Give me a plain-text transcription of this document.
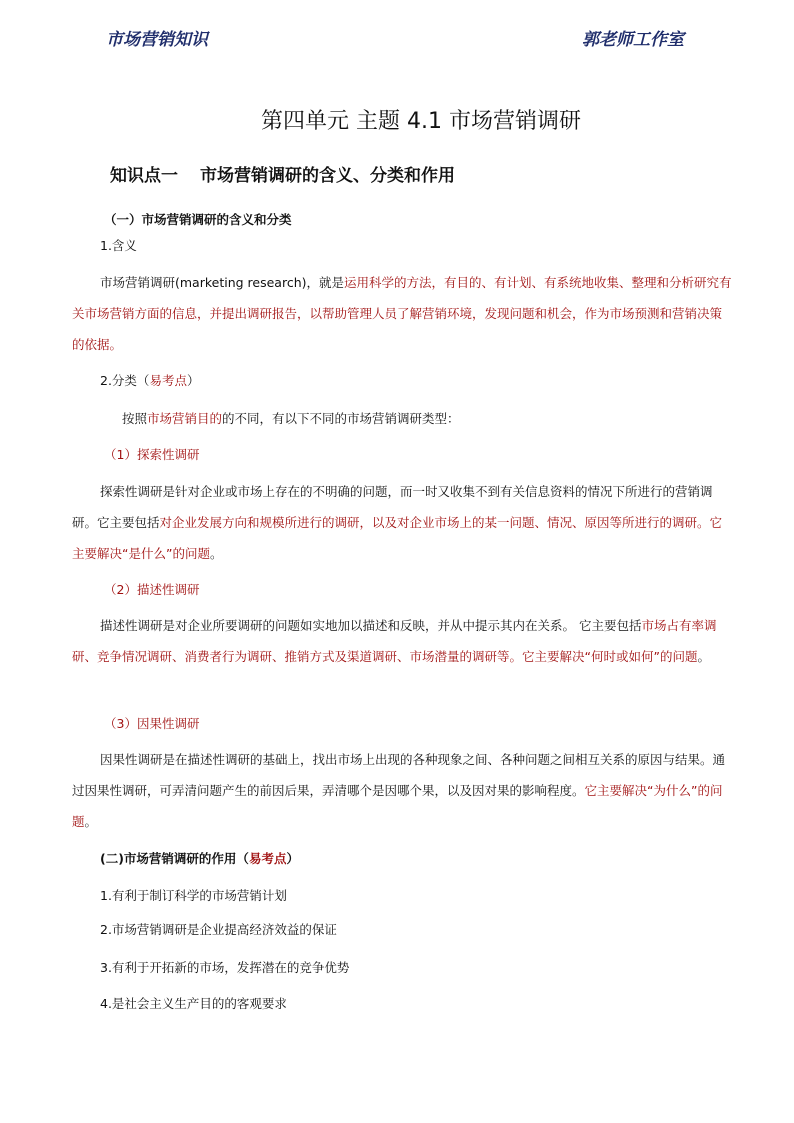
市场营销知识	郭老师工作室
第四单元 主题 4.1 市场营销调研
知识点一 市场营销调研的含义、分类和作用
（一）市场营销调研的含义和分类
1.含义
市场营销调研(marketing research)，就是运用科学的方法，有目的、有计划、有系统地收集、整理和分析研究有关市场营销方面的信息，并提出调研报告，以帮助管理人员了解营销环境，发现问题和机会，作为市场预测和营销决策的依据。
2.分类（易考点）
按照市场营销目的的不同，有以下不同的市场营销调研类型：
（1）探索性调研
探索性调研是针对企业或市场上存在的不明确的问题，而一时又收集不到有关信息资料的情况下所进行的营销调研。它主要包括对企业发展方向和规模所进行的调研，以及对企业市场上的某一问题、情况、原因等所进行的调研。它主要解决“是什么”的问题。
（2）描述性调研
描述性调研是对企业所要调研的问题如实地加以描述和反映，并从中提示其内在关系。 它主要包括市场占有率调研、竞争情况调研、消费者行为调研、推销方式及渠道调研、市场潜量的调研等。它主要解决“何时或如何”的问题。
（3）因果性调研
因果性调研是在描述性调研的基础上，找出市场上出现的各种现象之间、各种问题之间相互关系的原因与结果。通过因果性调研，可弄清问题产生的前因后果，弄清哪个是因哪个果，以及因对果的影响程度。它主要解决“为什么”的问题。
(二)市场营销调研的作用（易考点）
1.有利于制订科学的市场营销计划
2.市场营销调研是企业提高经济效益的保证
3.有利于开拓新的市场，发挥潜在的竞争优势
4.是社会主义生产目的的客观要求
